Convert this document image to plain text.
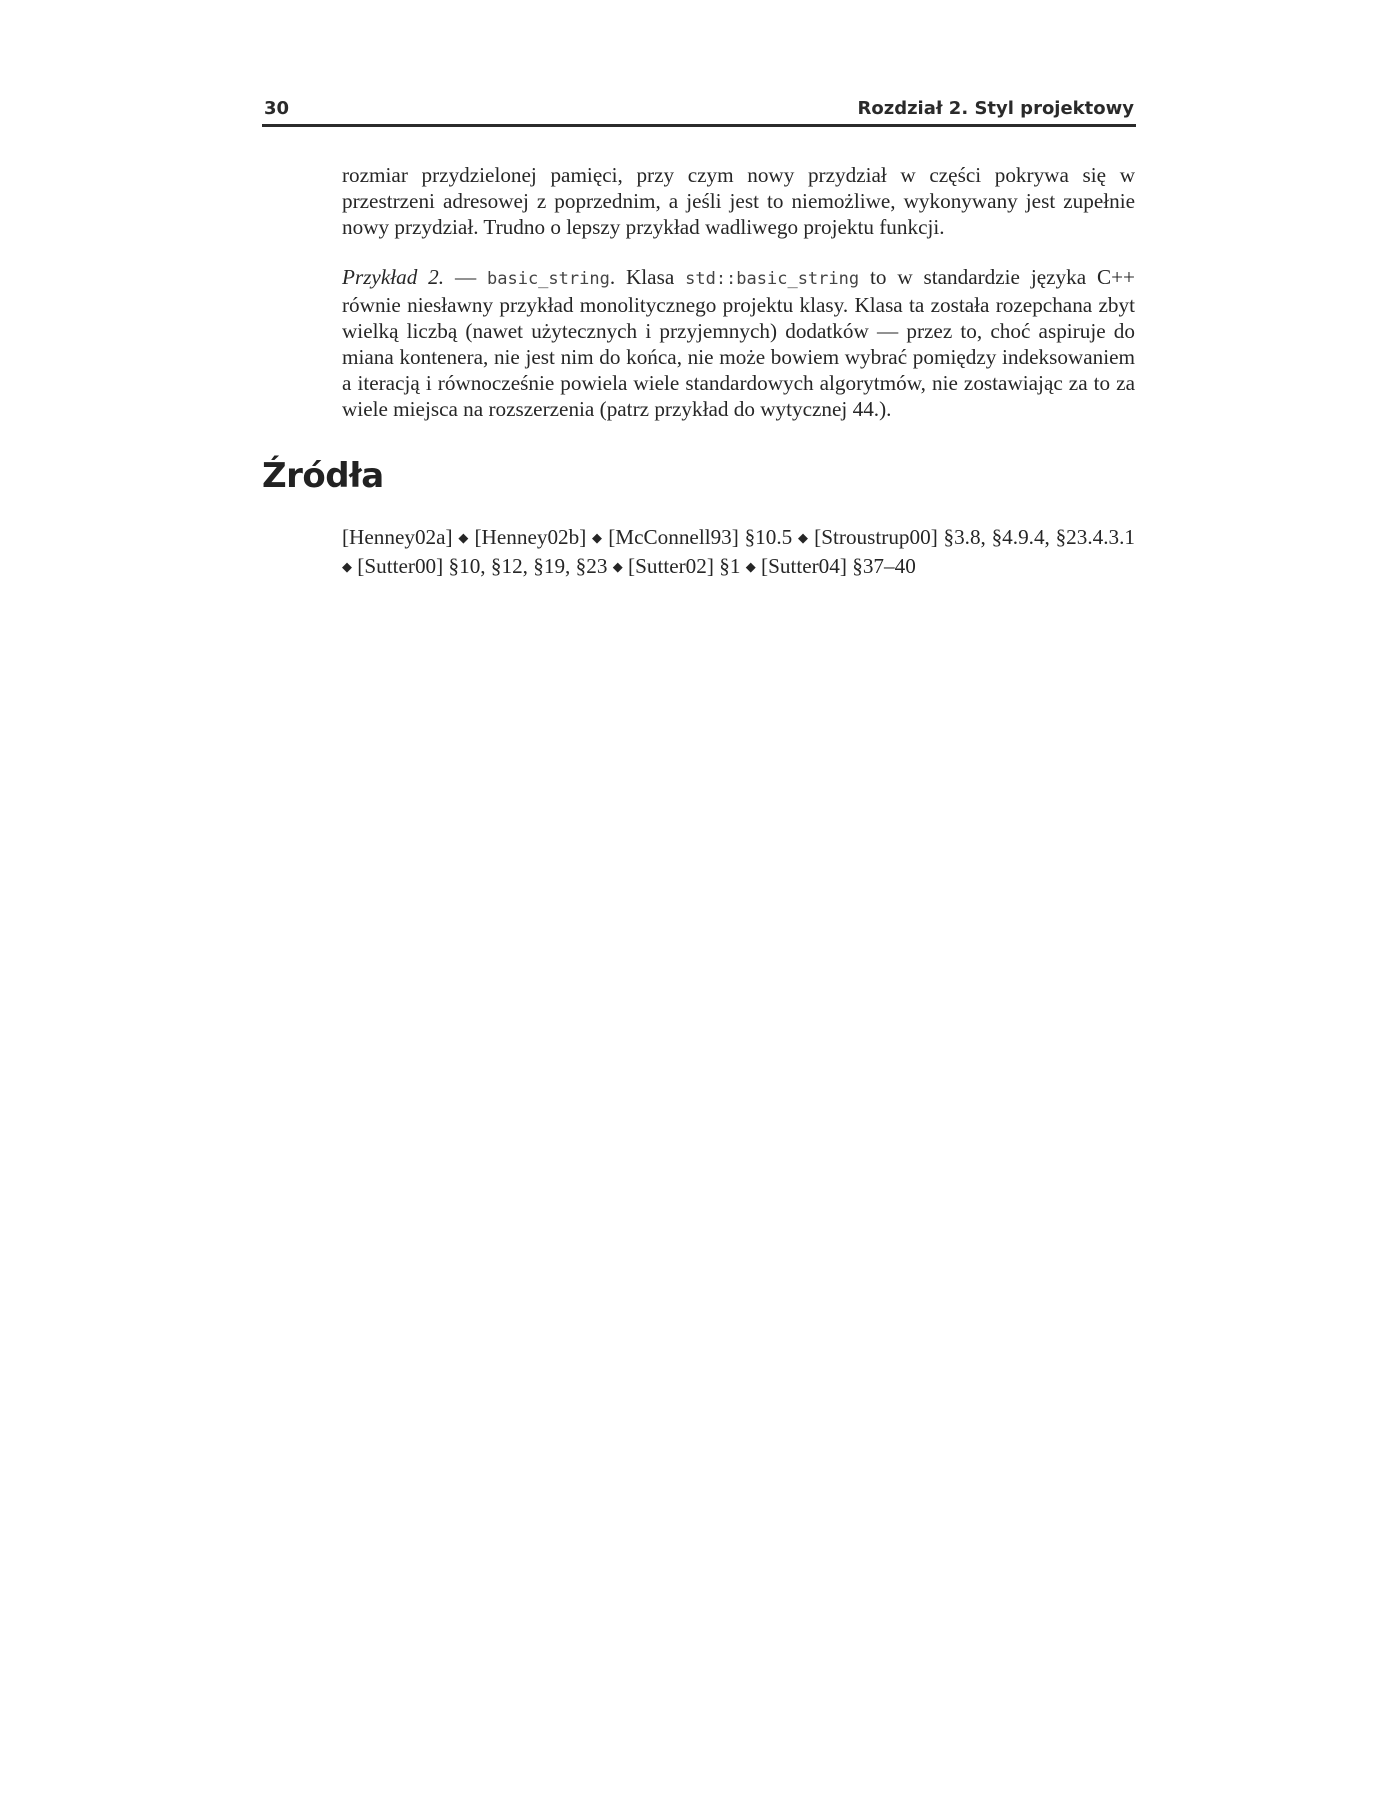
30	Rozdział 2. Styl projektowy

rozmiar przydzielonej pamięci, przy czym nowy przydział w części pokrywa się w przestrzeni adresowej z poprzednim, a jeśli jest to niemożliwe, wykonywany jest zupełnie nowy przydział. Trudno o lepszy przykład wadliwego projektu funkcji.

Przykład 2. — basic_string. Klasa std::basic_string to w standardzie języka C++ równie niesławny przykład monolitycznego projektu klasy. Klasa ta została rozepchana zbyt wielką liczbą (nawet użytecznych i przyjemnych) dodatków — przez to, choć aspiruje do miana kontenera, nie jest nim do końca, nie może bowiem wybrać pomiędzy indeksowaniem a iteracją i równocześnie powiela wiele standardowych algorytmów, nie zostawiając za to za wiele miejsca na rozszerzenia (patrz przykład do wytycznej 44.).

Źródła

[Henney02a] ◆ [Henney02b] ◆ [McConnell93] §10.5 ◆ [Stroustrup00] §3.8, §4.9.4, §23.4.3.1 ◆ [Sutter00] §10, §12, §19, §23 ◆ [Sutter02] §1 ◆ [Sutter04] §37–40
